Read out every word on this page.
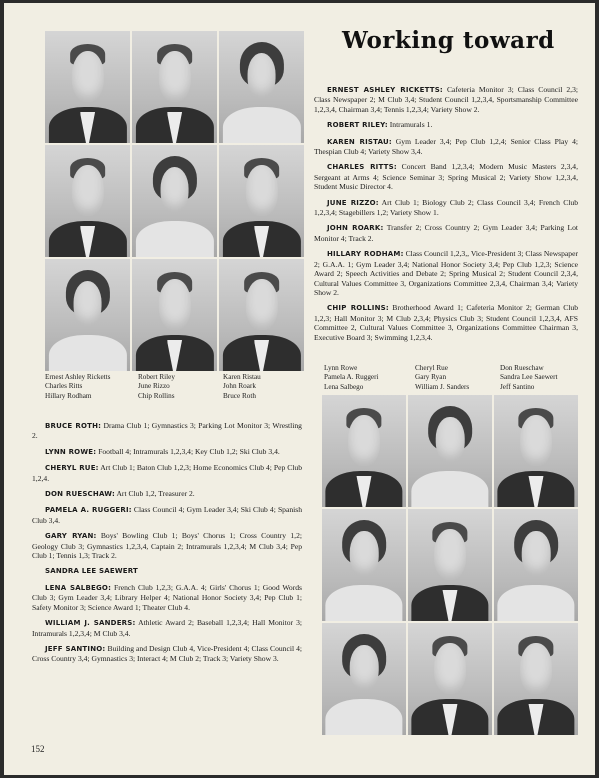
Working toward
Ernest Ashley Ricketts
Charles Ritts
Hillary Rodham
Robert Riley
June Rizzo
Chip Rollins
Karen Ristau
John Roark
Bruce Roth
ERNEST ASHLEY RICKETTS: Cafeteria Monitor 3; Class Council 2,3; Class Newspaper 2; M Club 3,4; Student Council 1,2,3,4, Sportsmanship Committee 1,2,3,4, Chairman 3,4; Tennis 1,2,3,4; Variety Show 2.
ROBERT RILEY: Intramurals 1.
KAREN RISTAU: Gym Leader 3,4; Pep Club 1,2,4; Senior Class Play 4; Thespian Club 4; Variety Show 3,4.
CHARLES RITTS: Concert Band 1,2,3,4; Modern Music Masters 2,3,4, Sergeant at Arms 4; Science Seminar 3; Spring Musical 2; Variety Show 1,2,3,4, Student Music Director 4.
JUNE RIZZO: Art Club 1; Biology Club 2; Class Council 3,4; French Club 1,2,3,4; Stagebillers 1,2; Variety Show 1.
JOHN ROARK: Transfer 2; Cross Country 2; Gym Leader 3,4; Parking Lot Monitor 4; Track 2.
HILLARY RODHAM: Class Council 1,2,3,, Vice-President 3; Class Newspaper 2; G.A.A. 1; Gym Leader 3,4; National Honor Society 3,4; Pep Club 1,2,3; Science Award 2; Speech Activities and Debate 2; Spring Musical 2; Student Council 2,3,4, Cultural Values Committee 3, Organizations Committee 2,3,4, Chairman 3,4; Variety Show 2.
CHIP ROLLINS: Brotherhood Award 1; Cafeteria Monitor 2; German Club 1,2,3; Hall Monitor 3; M Club 2,3,4; Physics Club 3; Student Council 1,2,3,4, AFS Committee 2, Cultural Values Committee 3, Organizations Committee Chairman 3, Executive Board 3; Swimming 1,2,3,4.
Lynn Rowe
Pamela A. Ruggeri
Lena Salbego
Cheryl Rue
Gary Ryan
William J. Sanders
Don Rueschaw
Sandra Lee Saewert
Jeff Santino
BRUCE ROTH: Drama Club 1; Gymnastics 3; Parking Lot Monitor 3; Wrestling 2.
LYNN ROWE: Football 4; Intramurals 1,2,3,4; Key Club 1,2; Ski Club 3,4.
CHERYL RUE: Art Club 1; Baton Club 1,2,3; Home Economics Club 4; Pep Club 1,2,4.
DON RUESCHAW: Art Club 1,2, Treasurer 2.
PAMELA A. RUGGERI: Class Council 4; Gym Leader 3,4; Ski Club 4; Spanish Club 3,4.
GARY RYAN: Boys' Bowling Club 1; Boys' Chorus 1; Cross Country 1,2; Geology Club 3; Gymnastics 1,2,3,4, Captain 2; Intramurals 1,2,3,4; M Club 3,4; Pep Club 1; Tennis 1,3; Track 2.
SANDRA LEE SAEWERT
LENA SALBEGO: French Club 1,2,3; G.A.A. 4; Girls' Chorus 1; Good Words Club 3; Gym Leader 3,4; Library Helper 4; National Honor Society 3,4; Pep Club 1; Safety Monitor 3; Science Award 1; Theater Club 4.
WILLIAM J. SANDERS: Athletic Award 2; Baseball 1,2,3,4; Hall Monitor 3; Intramurals 1,2,3,4; M Club 3,4.
JEFF SANTINO: Building and Design Club 4, Vice-President 4; Class Council 4; Cross Country 3,4; Gymnastics 3; Interact 4; M Club 2; Track 3; Variety Show 3.
152
